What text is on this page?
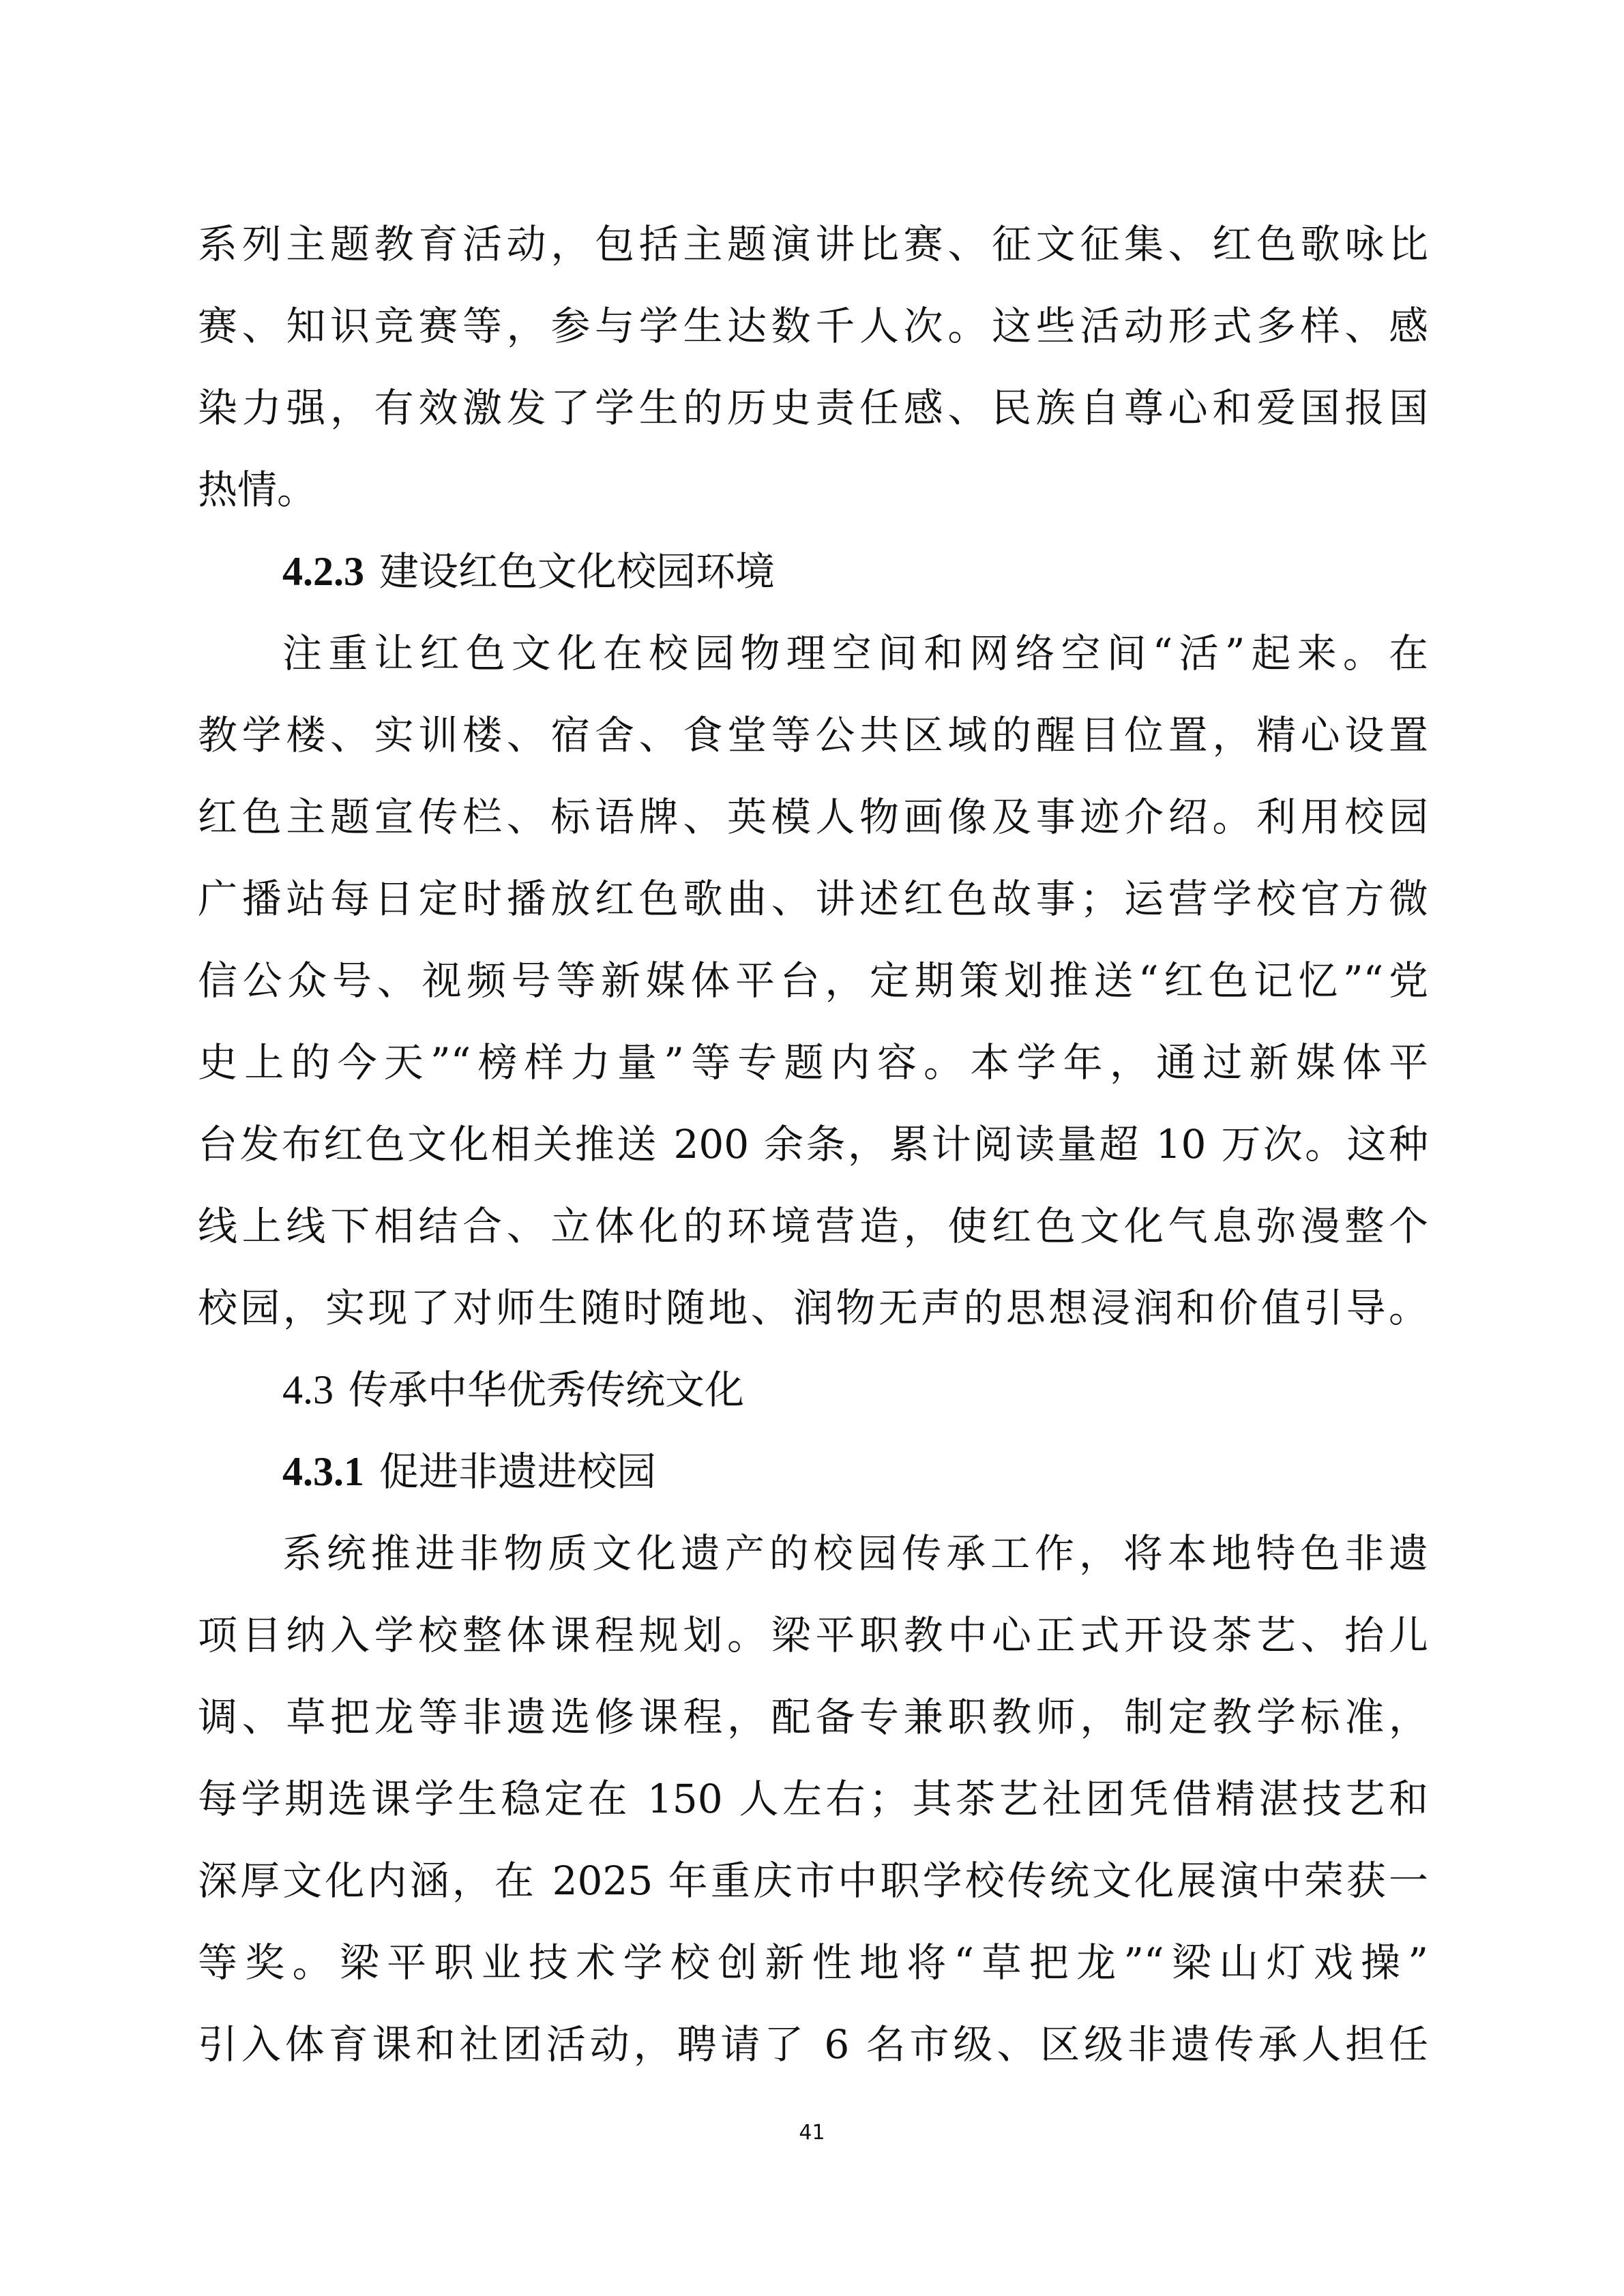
系列主题教育活动，包括主题演讲比赛、征文征集、红色歌咏比
赛、知识竞赛等，参与学生达数千人次。这些活动形式多样、感
染力强，有效激发了学生的历史责任感、民族自尊心和爱国报国
热情。
4.2.3 建设红色文化校园环境
注重让红色文化在校园物理空间和网络空间“活”起来。在
教学楼、实训楼、宿舍、食堂等公共区域的醒目位置，精心设置
红色主题宣传栏、标语牌、英模人物画像及事迹介绍。利用校园
广播站每日定时播放红色歌曲、讲述红色故事；运营学校官方微
信公众号、视频号等新媒体平台，定期策划推送“红色记忆”“党
史上的今天”“榜样力量”等专题内容。本学年，通过新媒体平
台发布红色文化相关推送 200 余条，累计阅读量超 10 万次。这种
线上线下相结合、立体化的环境营造，使红色文化气息弥漫整个
校园，实现了对师生随时随地、润物无声的思想浸润和价值引导。
4.3 传承中华优秀传统文化
4.3.1 促进非遗进校园
系统推进非物质文化遗产的校园传承工作，将本地特色非遗
项目纳入学校整体课程规划。梁平职教中心正式开设茶艺、抬儿
调、草把龙等非遗选修课程，配备专兼职教师，制定教学标准，
每学期选课学生稳定在 150 人左右；其茶艺社团凭借精湛技艺和
深厚文化内涵，在 2025 年重庆市中职学校传统文化展演中荣获一
等奖。梁平职业技术学校创新性地将“草把龙”“梁山灯戏操”
引入体育课和社团活动，聘请了 6 名市级、区级非遗传承人担任
41
